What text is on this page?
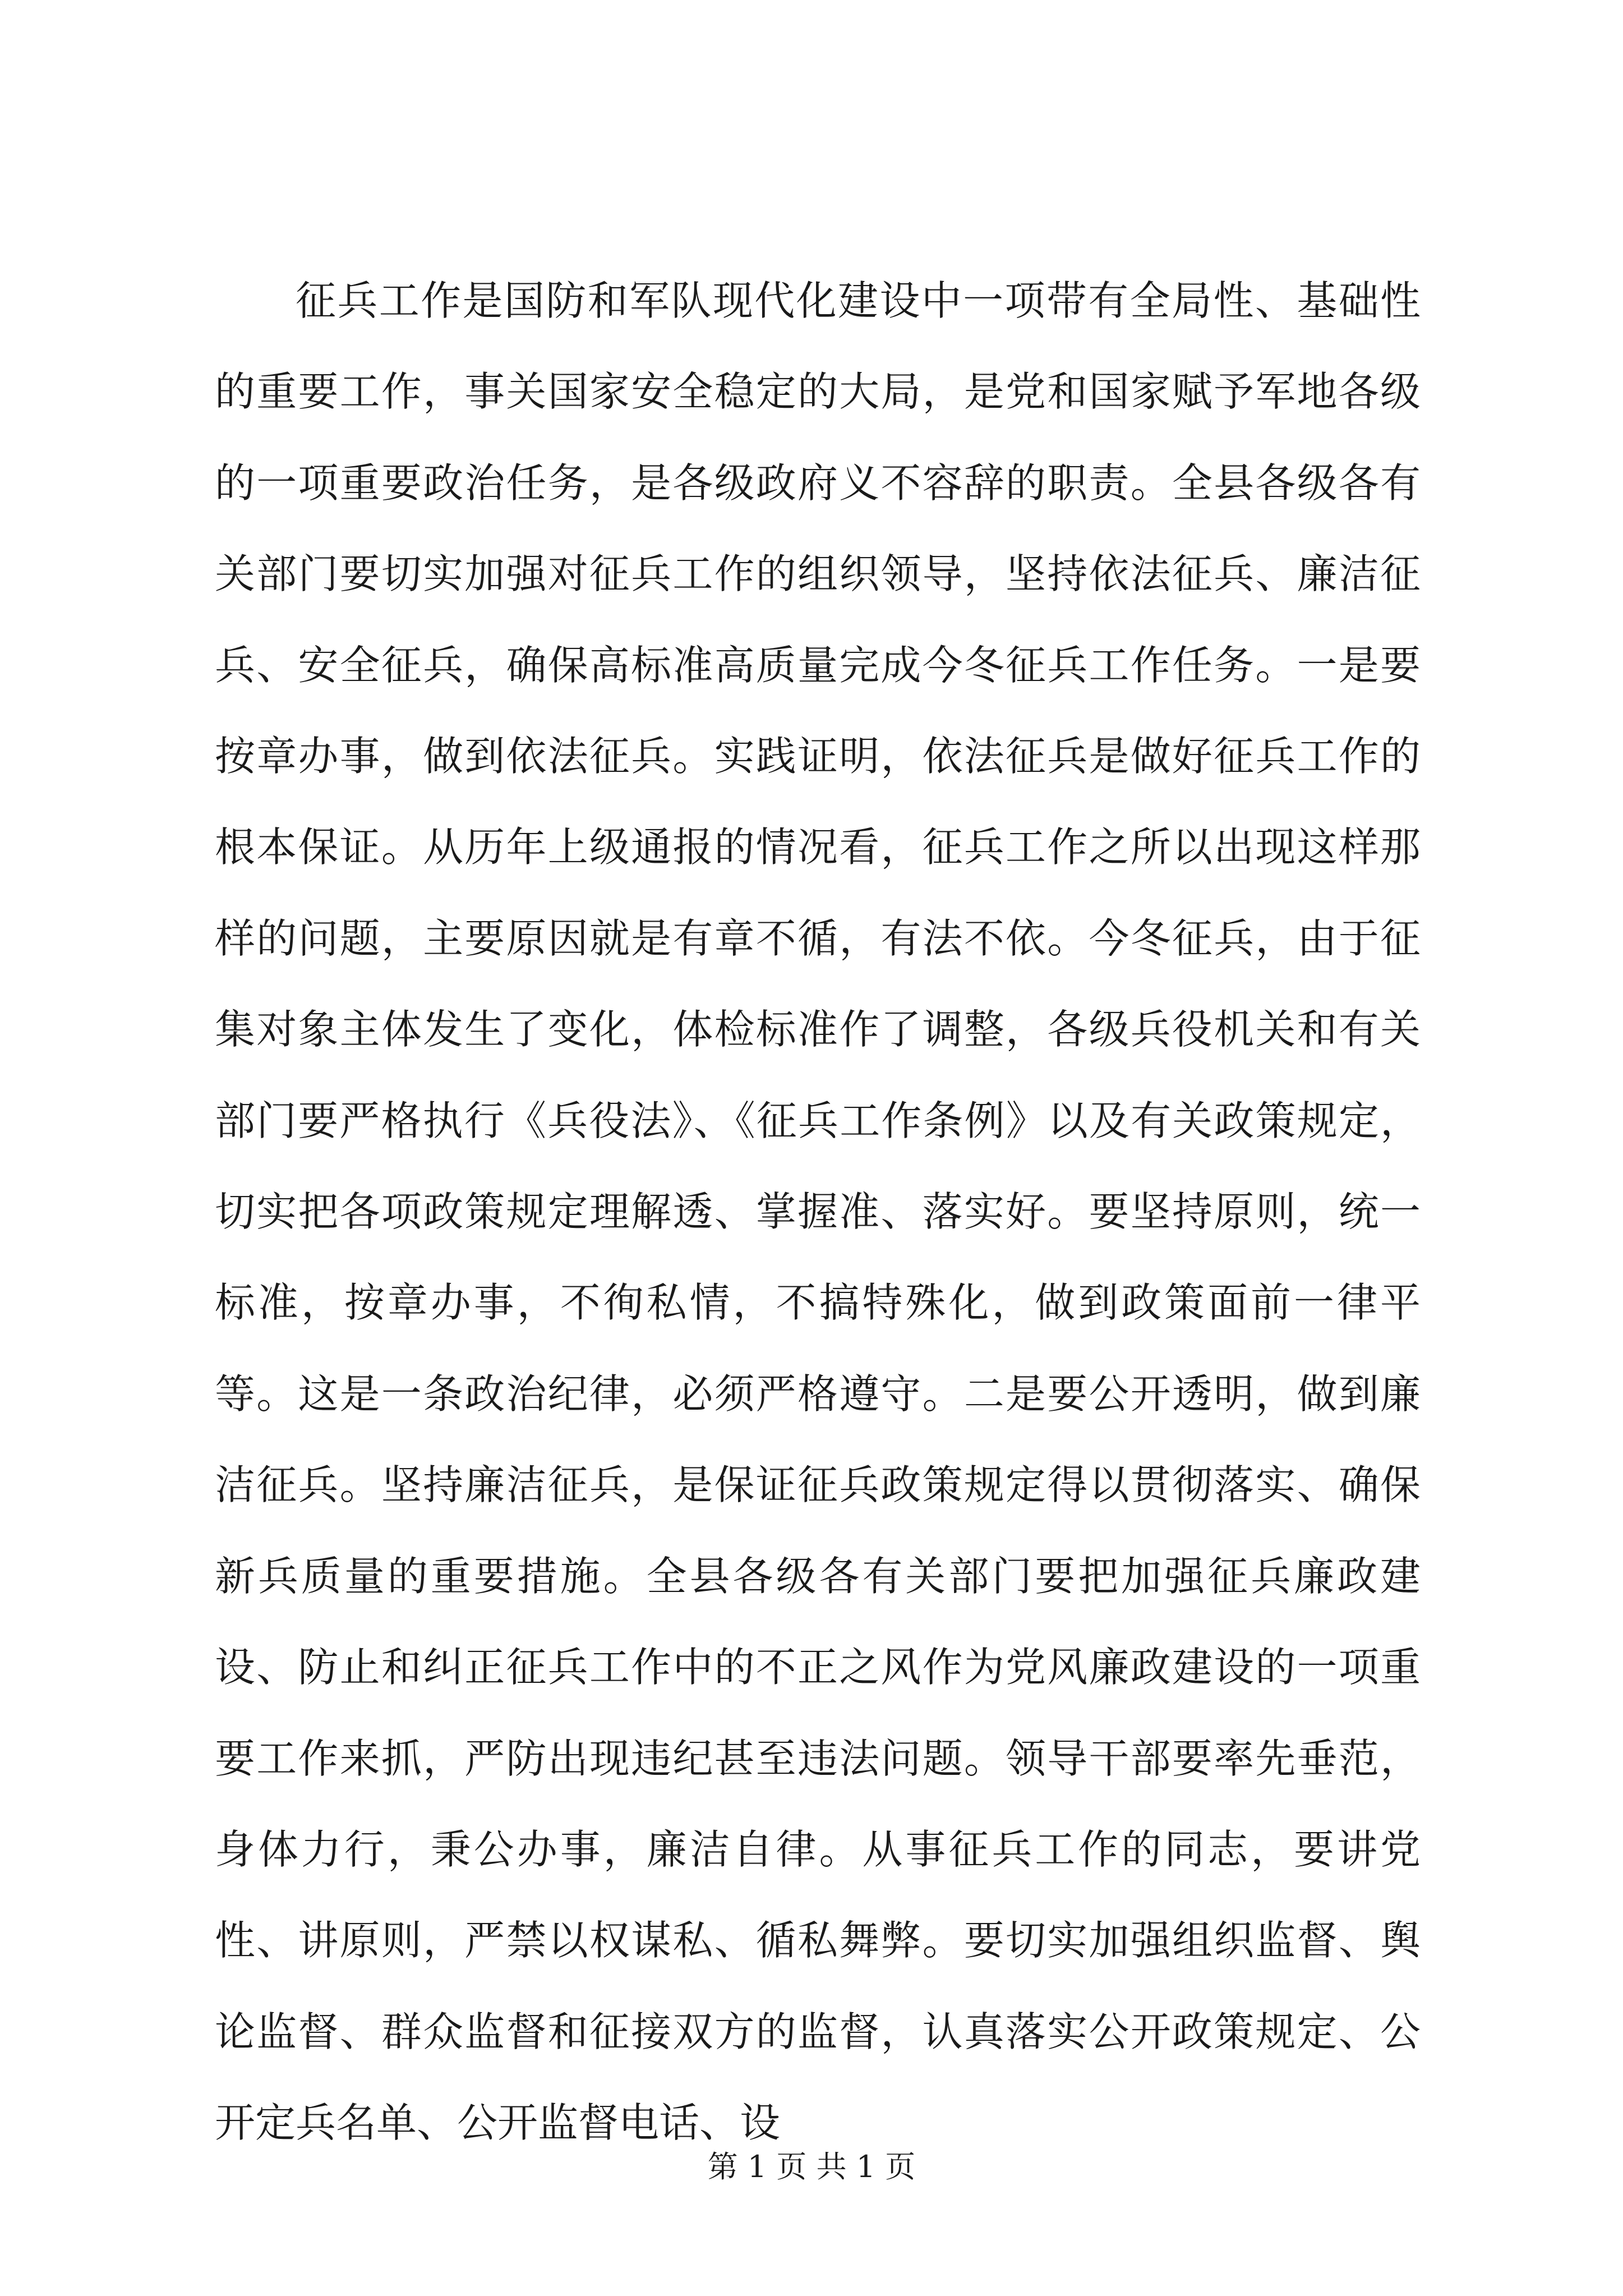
征兵工作是国防和军队现代化建设中一项带有全局性、基础性的重要工作，事关国家安全稳定的大局，是党和国家赋予军地各级的一项重要政治任务，是各级政府义不容辞的职责。全县各级各有关部门要切实加强对征兵工作的组织领导，坚持依法征兵、廉洁征兵、安全征兵，确保高标准高质量完成今冬征兵工作任务。一是要按章办事，做到依法征兵。实践证明，依法征兵是做好征兵工作的根本保证。从历年上级通报的情况看，征兵工作之所以出现这样那样的问题，主要原因就是有章不循，有法不依。今冬征兵，由于征集对象主体发生了变化，体检标准作了调整，各级兵役机关和有关部门要严格执行《兵役法》、《征兵工作条例》以及有关政策规定，切实把各项政策规定理解透、掌握准、落实好。要坚持原则，统一标准，按章办事，不徇私情，不搞特殊化，做到政策面前一律平等。这是一条政治纪律，必须严格遵守。二是要公开透明，做到廉洁征兵。坚持廉洁征兵，是保证征兵政策规定得以贯彻落实、确保新兵质量的重要措施。全县各级各有关部门要把加强征兵廉政建设、防止和纠正征兵工作中的不正之风作为党风廉政建设的一项重要工作来抓，严防出现违纪甚至违法问题。领导干部要率先垂范，身体力行，秉公办事，廉洁自律。从事征兵工作的同志，要讲党性、讲原则，严禁以权谋私、循私舞弊。要切实加强组织监督、舆论监督、群众监督和征接双方的监督，认真落实公开政策规定、公开定兵名单、公开监督电话、设

第 1 页 共 1 页
